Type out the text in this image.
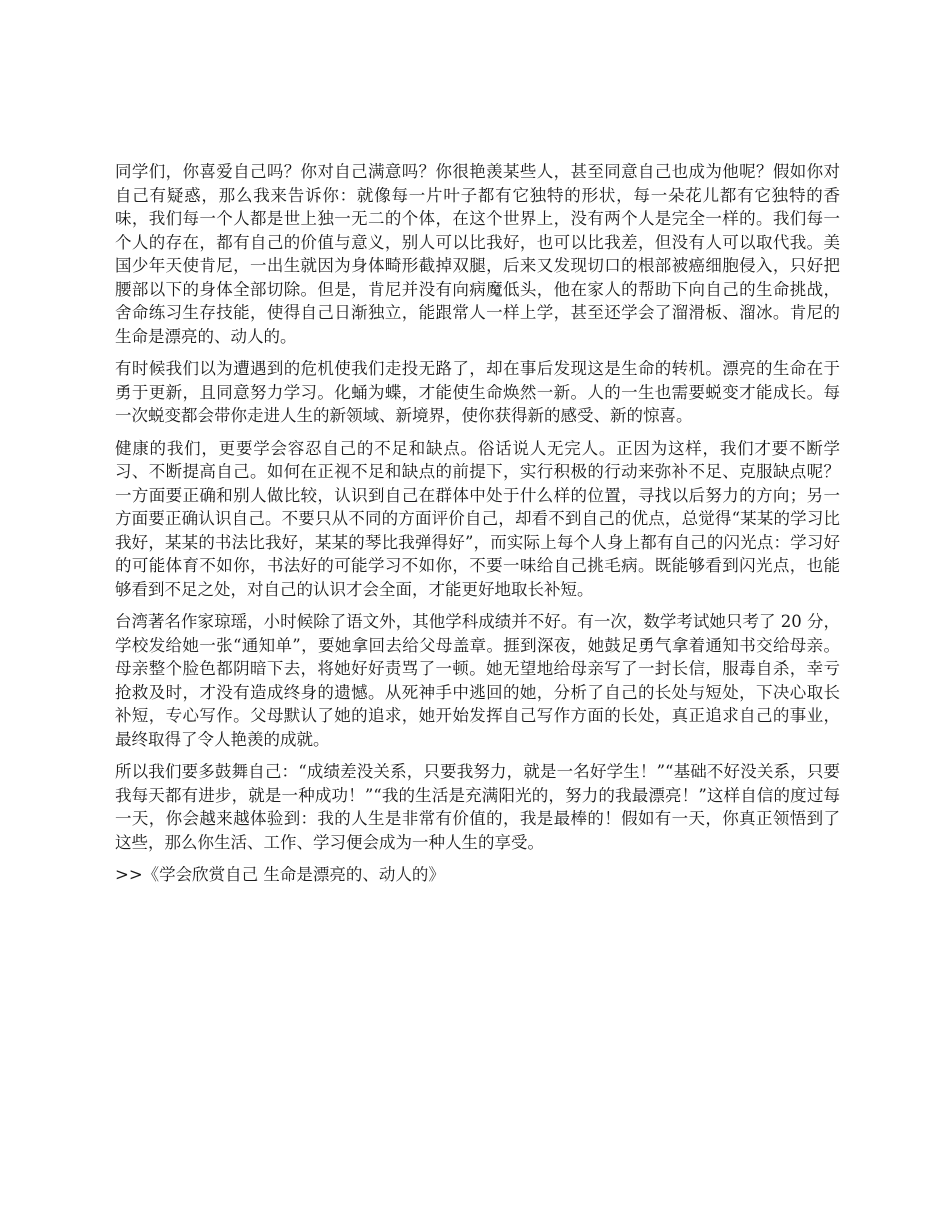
同学们，你喜爱自己吗？你对自己满意吗？你很艳羡某些人，甚至同意自己也成为他呢？假如你对自己有疑惑，那么我来告诉你：就像每一片叶子都有它独特的形状，每一朵花儿都有它独特的香味，我们每一个人都是世上独一无二的个体，在这个世界上，没有两个人是完全一样的。我们每一个人的存在，都有自己的价值与意义，别人可以比我好，也可以比我差，但没有人可以取代我。美国少年天使肯尼，一出生就因为身体畸形截掉双腿，后来又发现切口的根部被癌细胞侵入，只好把腰部以下的身体全部切除。但是，肯尼并没有向病魔低头，他在家人的帮助下向自己的生命挑战，舍命练习生存技能，使得自己日渐独立，能跟常人一样上学，甚至还学会了溜滑板、溜冰。肯尼的生命是漂亮的、动人的。

有时候我们以为遭遇到的危机使我们走投无路了，却在事后发现这是生命的转机。漂亮的生命在于勇于更新，且同意努力学习。化蛹为蝶，才能使生命焕然一新。人的一生也需要蜕变才能成长。每一次蜕变都会带你走进人生的新领域、新境界，使你获得新的感受、新的惊喜。

健康的我们，更要学会容忍自己的不足和缺点。俗话说人无完人。正因为这样，我们才要不断学习、不断提高自己。如何在正视不足和缺点的前提下，实行积极的行动来弥补不足、克服缺点呢？一方面要正确和别人做比较，认识到自己在群体中处于什么样的位置，寻找以后努力的方向；另一方面要正确认识自己。不要只从不同的方面评价自己，却看不到自己的优点，总觉得“某某的学习比我好，某某的书法比我好，某某的琴比我弹得好”，而实际上每个人身上都有自己的闪光点：学习好的可能体育不如你，书法好的可能学习不如你，不要一味给自己挑毛病。既能够看到闪光点，也能够看到不足之处，对自己的认识才会全面，才能更好地取长补短。

台湾著名作家琼瑶，小时候除了语文外，其他学科成绩并不好。有一次，数学考试她只考了 20 分，学校发给她一张“通知单”，要她拿回去给父母盖章。捱到深夜，她鼓足勇气拿着通知书交给母亲。母亲整个脸色都阴暗下去，将她好好责骂了一顿。她无望地给母亲写了一封长信，服毒自杀，幸亏抢救及时，才没有造成终身的遗憾。从死神手中逃回的她，分析了自己的长处与短处，下决心取长补短，专心写作。父母默认了她的追求，她开始发挥自己写作方面的长处，真正追求自己的事业，最终取得了令人艳羡的成就。

所以我们要多鼓舞自己：“成绩差没关系，只要我努力，就是一名好学生！”“基础不好没关系，只要我每天都有进步，就是一种成功！”“我的生活是充满阳光的，努力的我最漂亮！”这样自信的度过每一天，你会越来越体验到：我的人生是非常有价值的，我是最棒的！假如有一天，你真正领悟到了这些，那么你生活、工作、学习便会成为一种人生的享受。

>>《学会欣赏自己 生命是漂亮的、动人的》
